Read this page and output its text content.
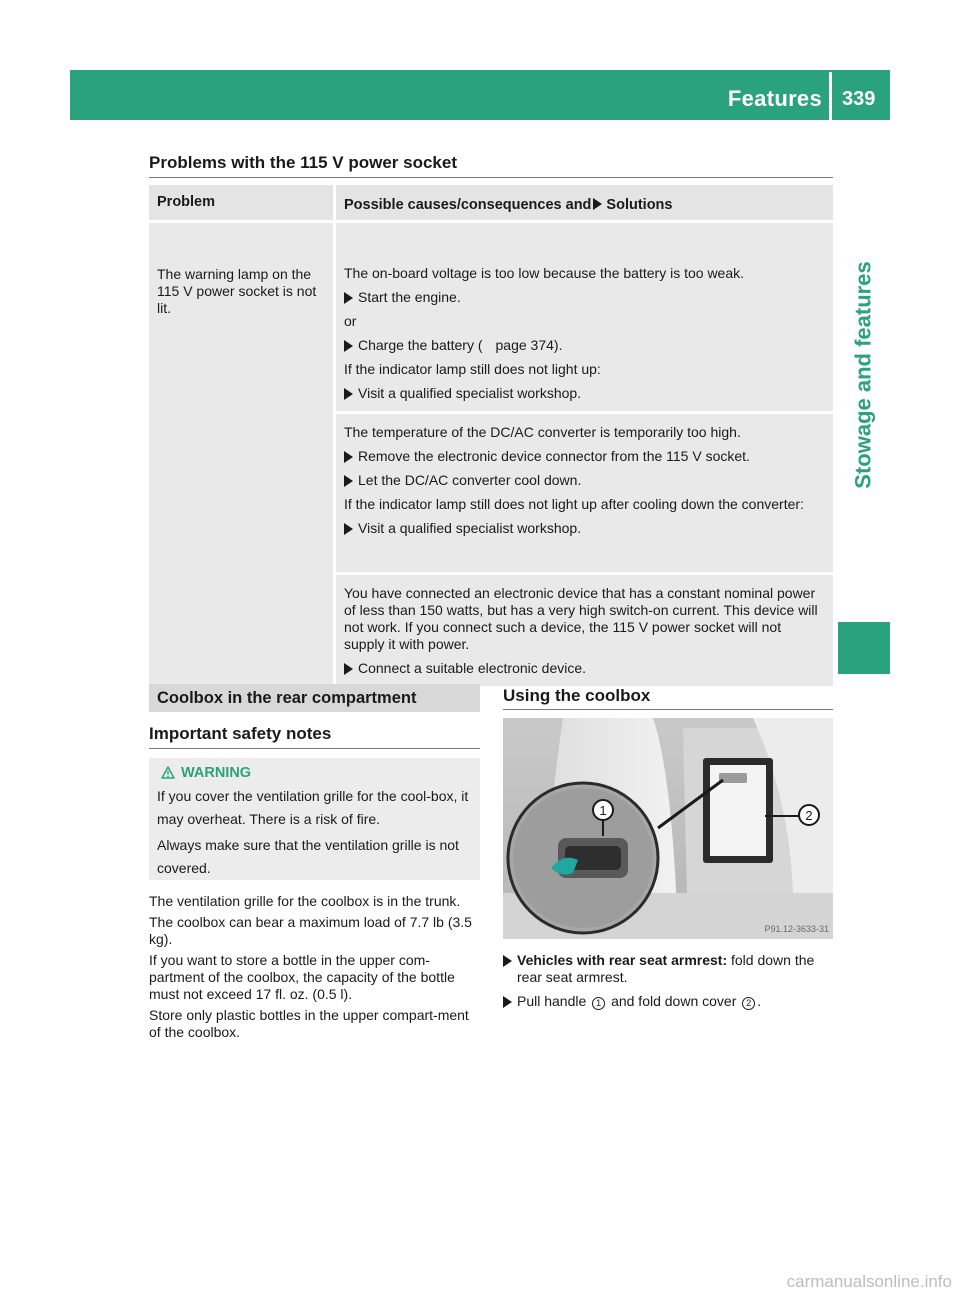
Features 339
Stowage and features
Problems with the 115 V power socket
Problem	Possible causes/consequences and Solutions
The warning lamp on the 115 V power socket is not lit.

The on-board voltage is too low because the battery is too weak.

Start the engine.

or

Charge the battery ( page 374).

If the indicator lamp still does not light up:

Visit a qualified specialist workshop.

The temperature of the DC/AC converter is temporarily too high.

Remove the electronic device connector from the 115 V socket.

Let the DC/AC converter cool down.

If the indicator lamp still does not light up after cooling down the converter:

Visit a qualified specialist workshop.

You have connected an electronic device that has a constant nominal power of less than 150 watts, but has a very high switch-on current. This device will not work. If you connect such a device, the 115 V power socket will not supply it with power.

Connect a suitable electronic device.

Coolbox in the rear compartment
Important safety notes
WARNING

If you cover the ventilation grille for the cool-box, it may overheat. There is a risk of fire.

Always make sure that the ventilation grille is not covered.

The ventilation grille for the coolbox is in the trunk.

The coolbox can bear a maximum load of 7.7 lb (3.5 kg).

If you want to store a bottle in the upper com-partment of the coolbox, the capacity of the bottle must not exceed 17 fl. oz. (0.5 l).

Store only plastic bottles in the upper compart-ment of the coolbox.

Using the coolbox
1	2
P91.12-3633-31

Vehicles with rear seat armrest: fold down the rear seat armrest.

Pull handle 1 and fold down cover 2 .

carmanualsonline.info
